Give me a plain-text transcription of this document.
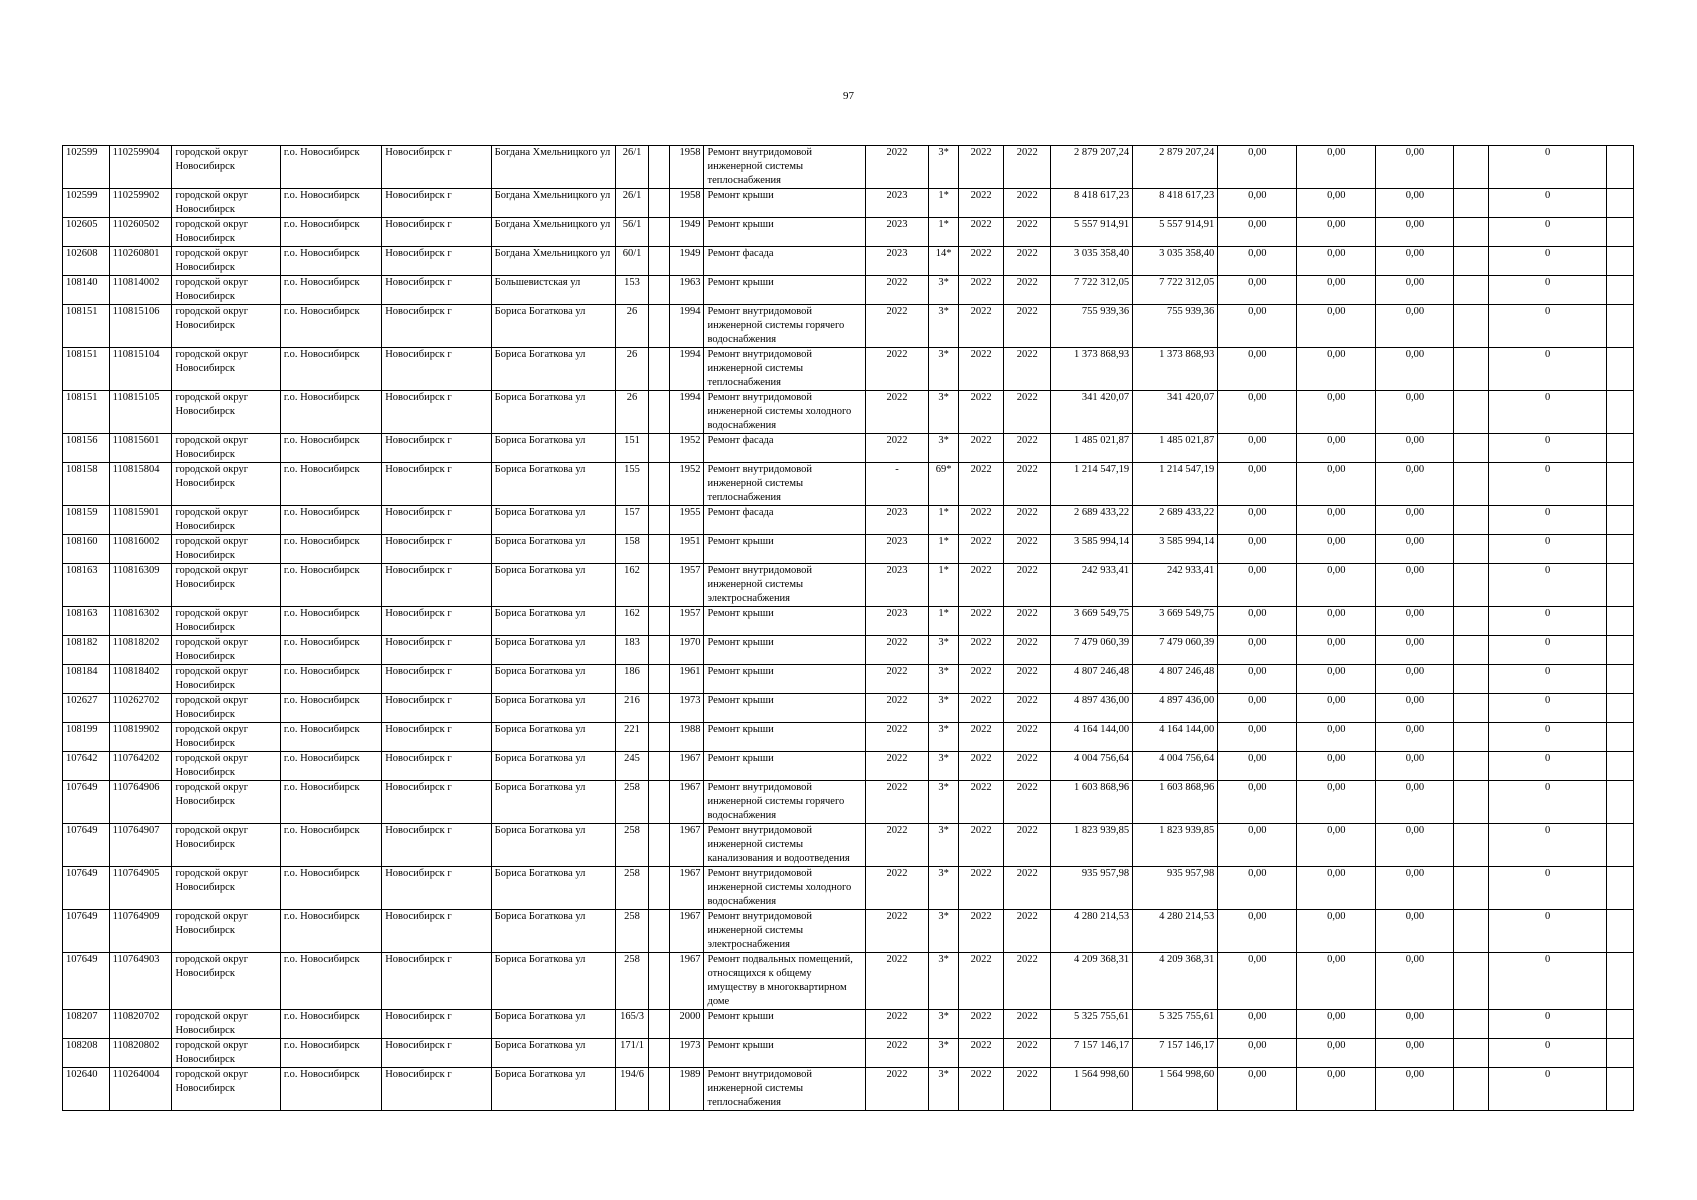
97
102599	110259904	городской округ Новосибирск	г.о. Новосибирск	Новосибирск г	Богдана Хмельницкого ул	26/1		1958	Ремонт внутридомовой инженерной системы теплоснабжения	2022	3*	2022	2022	2 879 207,24	2 879 207,24	0,00	0,00	0,00		0	
102599	110259902	городской округ Новосибирск	г.о. Новосибирск	Новосибирск г	Богдана Хмельницкого ул	26/1		1958	Ремонт крыши	2023	1*	2022	2022	8 418 617,23	8 418 617,23	0,00	0,00	0,00		0	
102605	110260502	городской округ Новосибирск	г.о. Новосибирск	Новосибирск г	Богдана Хмельницкого ул	56/1		1949	Ремонт крыши	2023	1*	2022	2022	5 557 914,91	5 557 914,91	0,00	0,00	0,00		0	
102608	110260801	городской округ Новосибирск	г.о. Новосибирск	Новосибирск г	Богдана Хмельницкого ул	60/1		1949	Ремонт фасада	2023	14*	2022	2022	3 035 358,40	3 035 358,40	0,00	0,00	0,00		0	
108140	110814002	городской округ Новосибирск	г.о. Новосибирск	Новосибирск г	Большевистская ул	153		1963	Ремонт крыши	2022	3*	2022	2022	7 722 312,05	7 722 312,05	0,00	0,00	0,00		0	
108151	110815106	городской округ Новосибирск	г.о. Новосибирск	Новосибирск г	Бориса Богаткова ул	26		1994	Ремонт внутридомовой инженерной системы горячего водоснабжения	2022	3*	2022	2022	755 939,36	755 939,36	0,00	0,00	0,00		0	
108151	110815104	городской округ Новосибирск	г.о. Новосибирск	Новосибирск г	Бориса Богаткова ул	26		1994	Ремонт внутридомовой инженерной системы теплоснабжения	2022	3*	2022	2022	1 373 868,93	1 373 868,93	0,00	0,00	0,00		0	
108151	110815105	городской округ Новосибирск	г.о. Новосибирск	Новосибирск г	Бориса Богаткова ул	26		1994	Ремонт внутридомовой инженерной системы холодного водоснабжения	2022	3*	2022	2022	341 420,07	341 420,07	0,00	0,00	0,00		0	
108156	110815601	городской округ Новосибирск	г.о. Новосибирск	Новосибирск г	Бориса Богаткова ул	151		1952	Ремонт фасада	2022	3*	2022	2022	1 485 021,87	1 485 021,87	0,00	0,00	0,00		0	
108158	110815804	городской округ Новосибирск	г.о. Новосибирск	Новосибирск г	Бориса Богаткова ул	155		1952	Ремонт внутридомовой инженерной системы теплоснабжения	-	69*	2022	2022	1 214 547,19	1 214 547,19	0,00	0,00	0,00		0	
108159	110815901	городской округ Новосибирск	г.о. Новосибирск	Новосибирск г	Бориса Богаткова ул	157		1955	Ремонт фасада	2023	1*	2022	2022	2 689 433,22	2 689 433,22	0,00	0,00	0,00		0	
108160	110816002	городской округ Новосибирск	г.о. Новосибирск	Новосибирск г	Бориса Богаткова ул	158		1951	Ремонт крыши	2023	1*	2022	2022	3 585 994,14	3 585 994,14	0,00	0,00	0,00		0	
108163	110816309	городской округ Новосибирск	г.о. Новосибирск	Новосибирск г	Бориса Богаткова ул	162		1957	Ремонт внутридомовой инженерной системы электроснабжения	2023	1*	2022	2022	242 933,41	242 933,41	0,00	0,00	0,00		0	
108163	110816302	городской округ Новосибирск	г.о. Новосибирск	Новосибирск г	Бориса Богаткова ул	162		1957	Ремонт крыши	2023	1*	2022	2022	3 669 549,75	3 669 549,75	0,00	0,00	0,00		0	
108182	110818202	городской округ Новосибирск	г.о. Новосибирск	Новосибирск г	Бориса Богаткова ул	183		1970	Ремонт крыши	2022	3*	2022	2022	7 479 060,39	7 479 060,39	0,00	0,00	0,00		0	
108184	110818402	городской округ Новосибирск	г.о. Новосибирск	Новосибирск г	Бориса Богаткова ул	186		1961	Ремонт крыши	2022	3*	2022	2022	4 807 246,48	4 807 246,48	0,00	0,00	0,00		0	
102627	110262702	городской округ Новосибирск	г.о. Новосибирск	Новосибирск г	Бориса Богаткова ул	216		1973	Ремонт крыши	2022	3*	2022	2022	4 897 436,00	4 897 436,00	0,00	0,00	0,00		0	
108199	110819902	городской округ Новосибирск	г.о. Новосибирск	Новосибирск г	Бориса Богаткова ул	221		1988	Ремонт крыши	2022	3*	2022	2022	4 164 144,00	4 164 144,00	0,00	0,00	0,00		0	
107642	110764202	городской округ Новосибирск	г.о. Новосибирск	Новосибирск г	Бориса Богаткова ул	245		1967	Ремонт крыши	2022	3*	2022	2022	4 004 756,64	4 004 756,64	0,00	0,00	0,00		0	
107649	110764906	городской округ Новосибирск	г.о. Новосибирск	Новосибирск г	Бориса Богаткова ул	258		1967	Ремонт внутридомовой инженерной системы горячего водоснабжения	2022	3*	2022	2022	1 603 868,96	1 603 868,96	0,00	0,00	0,00		0	
107649	110764907	городской округ Новосибирск	г.о. Новосибирск	Новосибирск г	Бориса Богаткова ул	258		1967	Ремонт внутридомовой инженерной системы канализования и водоотведения	2022	3*	2022	2022	1 823 939,85	1 823 939,85	0,00	0,00	0,00		0	
107649	110764905	городской округ Новосибирск	г.о. Новосибирск	Новосибирск г	Бориса Богаткова ул	258		1967	Ремонт внутридомовой инженерной системы холодного водоснабжения	2022	3*	2022	2022	935 957,98	935 957,98	0,00	0,00	0,00		0	
107649	110764909	городской округ Новосибирск	г.о. Новосибирск	Новосибирск г	Бориса Богаткова ул	258		1967	Ремонт внутридомовой инженерной системы электроснабжения	2022	3*	2022	2022	4 280 214,53	4 280 214,53	0,00	0,00	0,00		0	
107649	110764903	городской округ Новосибирск	г.о. Новосибирск	Новосибирск г	Бориса Богаткова ул	258		1967	Ремонт подвальных помещений, относящихся к общему имуществу в многоквартирном доме	2022	3*	2022	2022	4 209 368,31	4 209 368,31	0,00	0,00	0,00		0	
108207	110820702	городской округ Новосибирск	г.о. Новосибирск	Новосибирск г	Бориса Богаткова ул	165/3		2000	Ремонт крыши	2022	3*	2022	2022	5 325 755,61	5 325 755,61	0,00	0,00	0,00		0	
108208	110820802	городской округ Новосибирск	г.о. Новосибирск	Новосибирск г	Бориса Богаткова ул	171/1		1973	Ремонт крыши	2022	3*	2022	2022	7 157 146,17	7 157 146,17	0,00	0,00	0,00		0	
102640	110264004	городской округ Новосибирск	г.о. Новосибирск	Новосибирск г	Бориса Богаткова ул	194/6		1989	Ремонт внутридомовой инженерной системы теплоснабжения	2022	3*	2022	2022	1 564 998,60	1 564 998,60	0,00	0,00	0,00		0	
